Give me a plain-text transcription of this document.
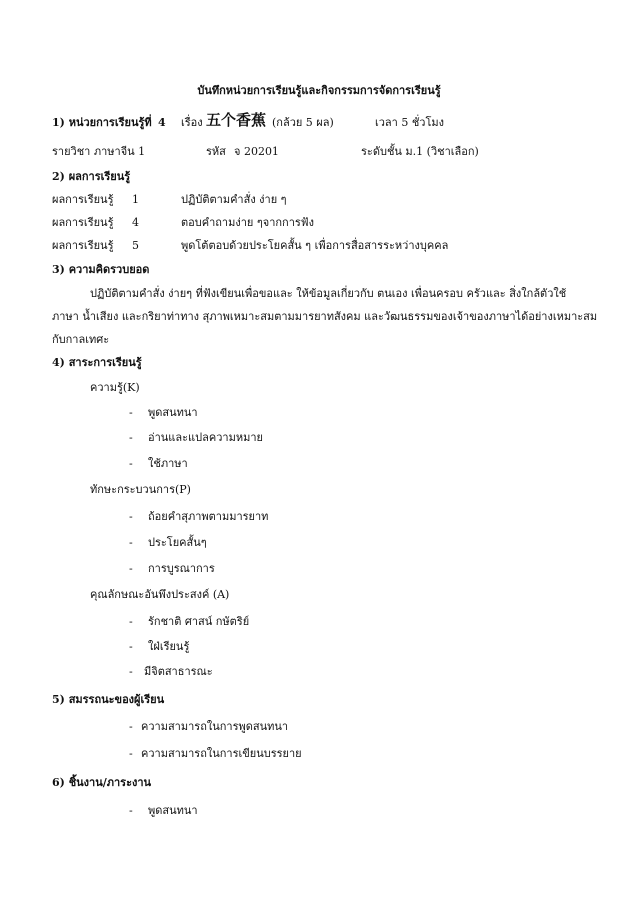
บันทึกหน่วยการเรียนรู้และกิจกรรมการจัดการเรียนรู้
1) หน่วยการเรียนรู้ที่ 4 เรื่อง 五个香蕉 (กล้วย 5 ผล)	เวลา 5 ชั่วโมง
รายวิชา ภาษาจีน 1	รหัส จ 20201	ระดับชั้น ม.1 (วิชาเลือก)
2) ผลการเรียนรู้
ผลการเรียนรู้ 1	ปฏิบัติตามคำสั่ง ง่าย ๆ
ผลการเรียนรู้ 4	ตอบคำถามง่าย ๆจากการฟัง
ผลการเรียนรู้ 5	พูดโต้ตอบด้วยประโยคสั้น ๆ เพื่อการสื่อสารระหว่างบุคคล
3) ความคิดรวบยอด
ปฏิบัติตามคำสั่ง ง่ายๆ ที่ฟังเขียนเพื่อขอและ ให้ข้อมูลเกี่ยวกับ ตนเอง เพื่อนครอบ ครัวและ สิ่งใกล้ตัวใช้
ภาษา น้ำเสียง และกริยาท่าทาง สุภาพเหมาะสมตามมารยาทสังคม และวัฒนธรรมของเจ้าของภาษาได้อย่างเหมาะสม
กับกาลเทศะ
4) สาระการเรียนรู้
ความรู้(K)
- พูดสนทนา
- อ่านและแปลความหมาย
- ใช้ภาษา
ทักษะกระบวนการ(P)
- ถ้อยคำสุภาพตามมารยาท
- ประโยคสั้นๆ
- การบูรณาการ
คุณลักษณะอันพึงประสงค์ (A)
- รักชาติ ศาสน์ กษัตริย์
- ใฝ่เรียนรู้
- มีจิตสาธารณะ
5) สมรรถนะของผู้เรียน
- ความสามารถในการพูดสนทนา
- ความสามารถในการเขียนบรรยาย
6) ชิ้นงาน/ภาระงาน
- พูดสนทนา
